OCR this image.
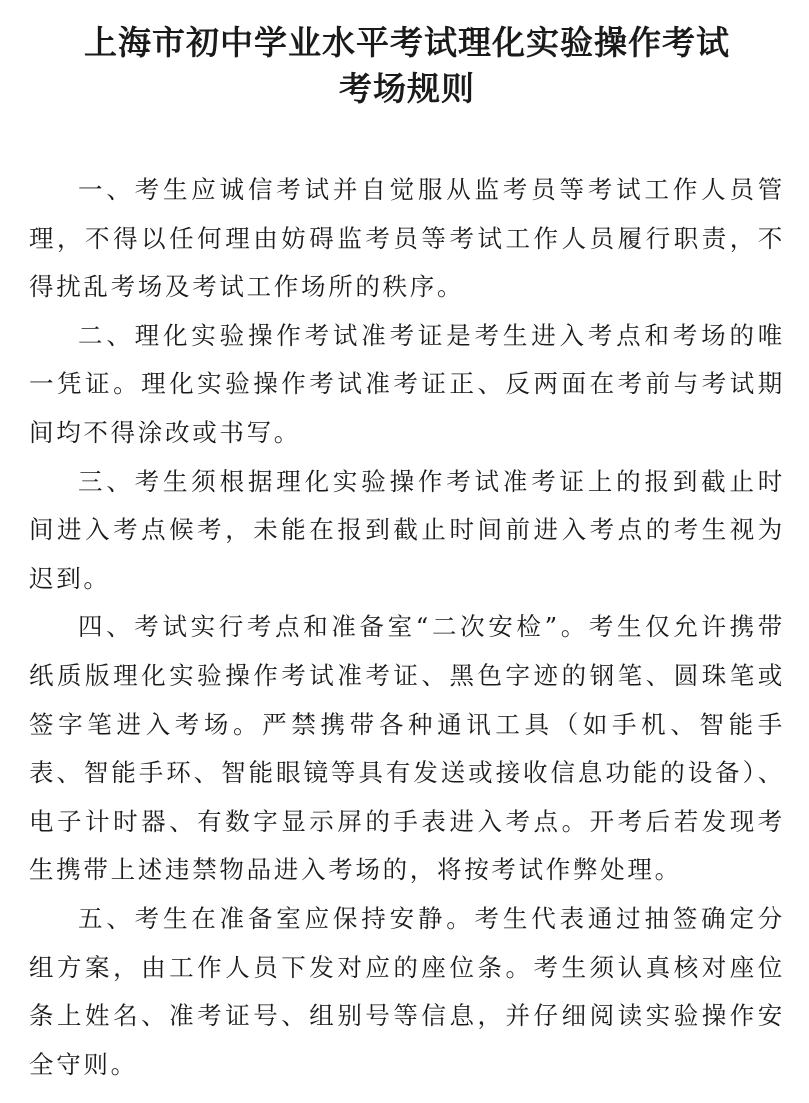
上海市初中学业水平考试理化实验操作考试
考场规则

一、考生应诚信考试并自觉服从监考员等考试工作人员管理，不得以任何理由妨碍监考员等考试工作人员履行职责，不得扰乱考场及考试工作场所的秩序。

二、理化实验操作考试准考证是考生进入考点和考场的唯一凭证。理化实验操作考试准考证正、反两面在考前与考试期间均不得涂改或书写。

三、考生须根据理化实验操作考试准考证上的报到截止时间进入考点候考，未能在报到截止时间前进入考点的考生视为迟到。

四、考试实行考点和准备室“二次安检”。考生仅允许携带纸质版理化实验操作考试准考证、黑色字迹的钢笔、圆珠笔或签字笔进入考场。严禁携带各种通讯工具（如手机、智能手表、智能手环、智能眼镜等具有发送或接收信息功能的设备）、电子计时器、有数字显示屏的手表进入考点。开考后若发现考生携带上述违禁物品进入考场的，将按考试作弊处理。

五、考生在准备室应保持安静。考生代表通过抽签确定分组方案，由工作人员下发对应的座位条。考生须认真核对座位条上姓名、准考证号、组别号等信息，并仔细阅读实验操作安全守则。
